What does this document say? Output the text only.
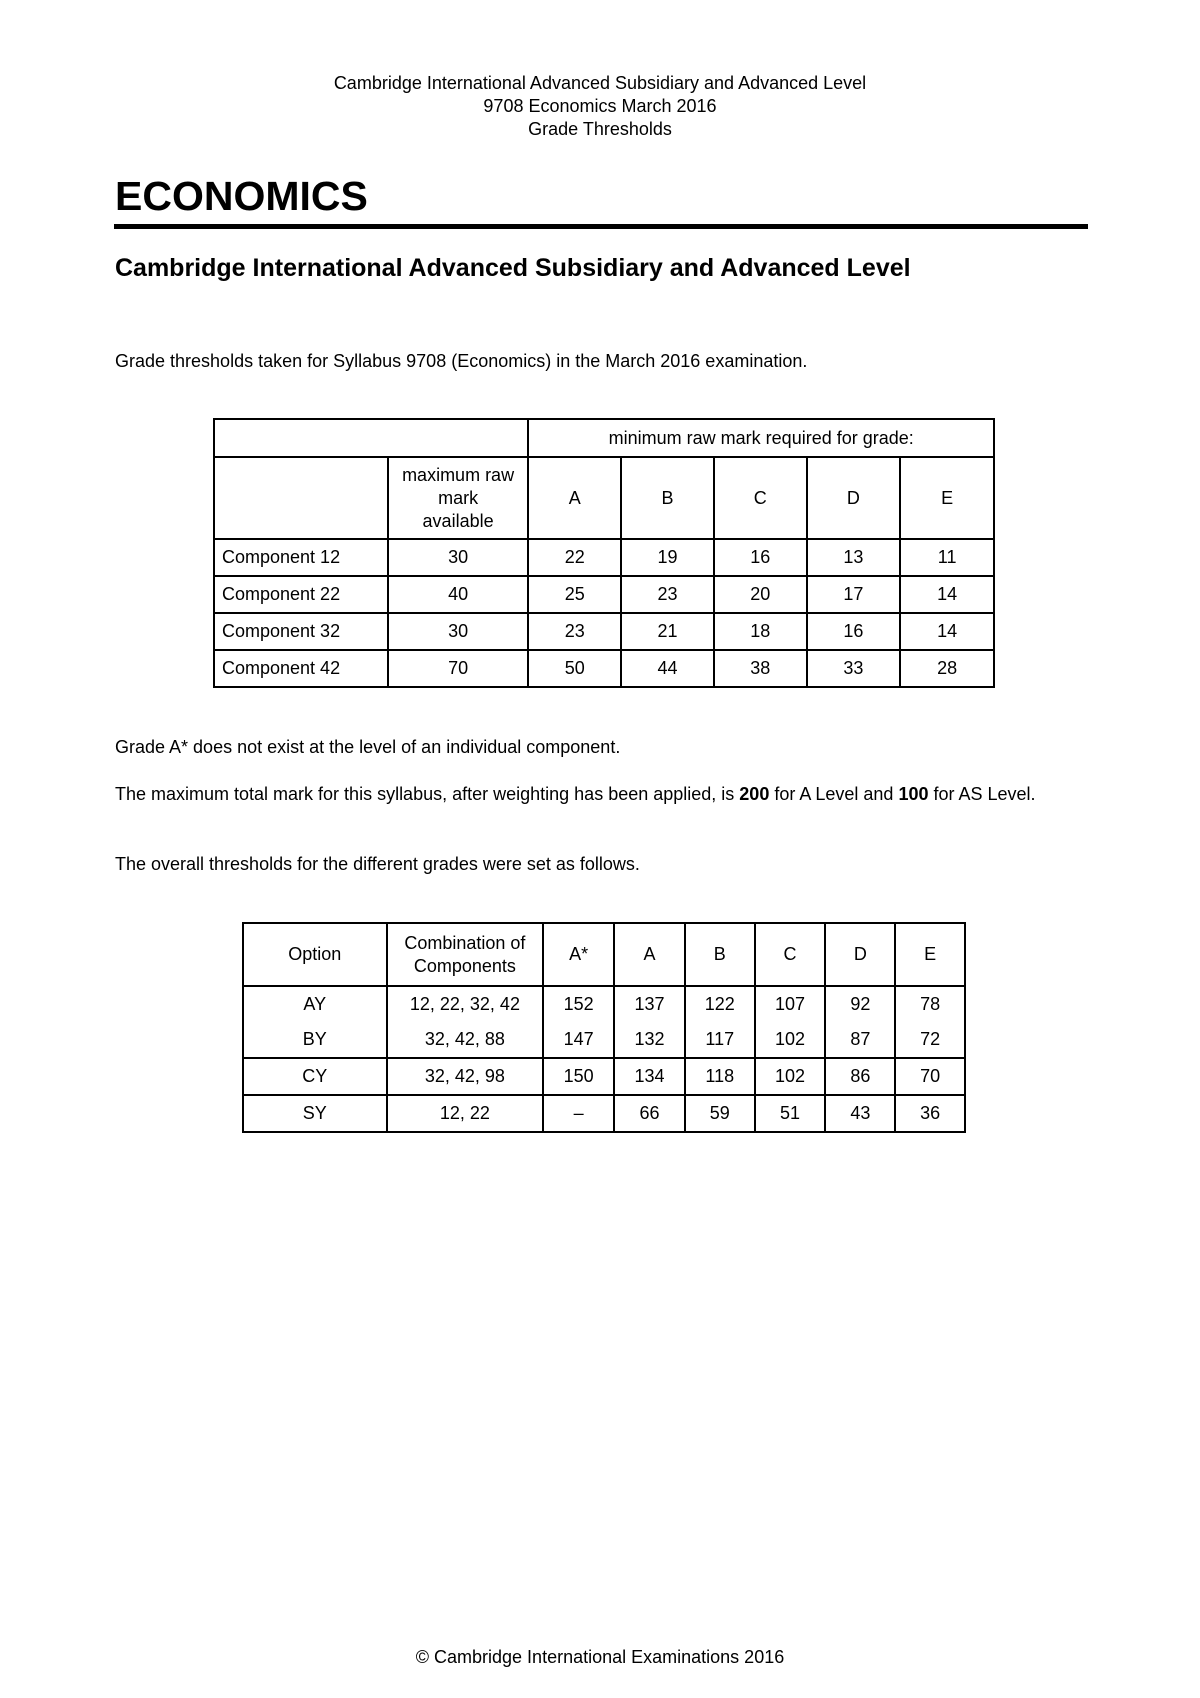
Cambridge International Advanced Subsidiary and Advanced Level
9708 Economics March 2016
Grade Thresholds
ECONOMICS
Cambridge International Advanced Subsidiary and Advanced Level

Grade thresholds taken for Syllabus 9708 (Economics) in the March 2016 examination.

		minimum raw mark required for grade:				

	maximum raw
mark
available	A	B	C	D	E
Component 12	30	22	19	16	13	11
Component 22	40	25	23	20	17	14
Component 32	30	23	21	18	16	14
Component 42	70	50	44	38	33	28

Grade A* does not exist at the level of an individual component.

The maximum total mark for this syllabus, after weighting has been applied, is 200 for A Level and 100 for AS Level.

The overall thresholds for the different grades were set as follows.

Option	Combination of
Components	A*	A	B	C	D	E
AY	12, 22, 32, 42	152	137	122	107	92	78
BY	32, 42, 88	147	132	117	102	87	72
CY	32, 42, 98	150	134	118	102	86	70
SY	12, 22	–	66	59	51	43	36
© Cambridge International Examinations 2016
